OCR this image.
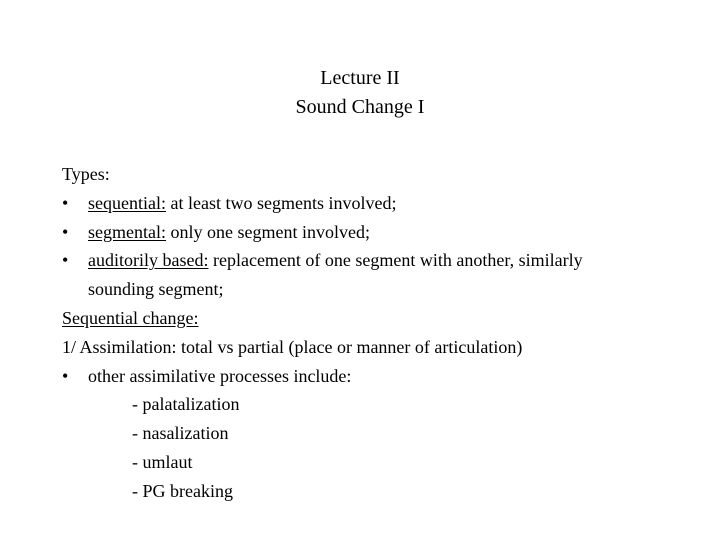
Lecture II
Sound Change I
Types:
• sequential: at least two segments involved;
• segmental: only one segment involved;
• auditorily based: replacement of one segment with another, similarly
sounding segment;
Sequential change:
1/ Assimilation: total vs partial (place or manner of articulation)
• other assimilative processes include:
- palatalization
- nasalization
- umlaut
- PG breaking
